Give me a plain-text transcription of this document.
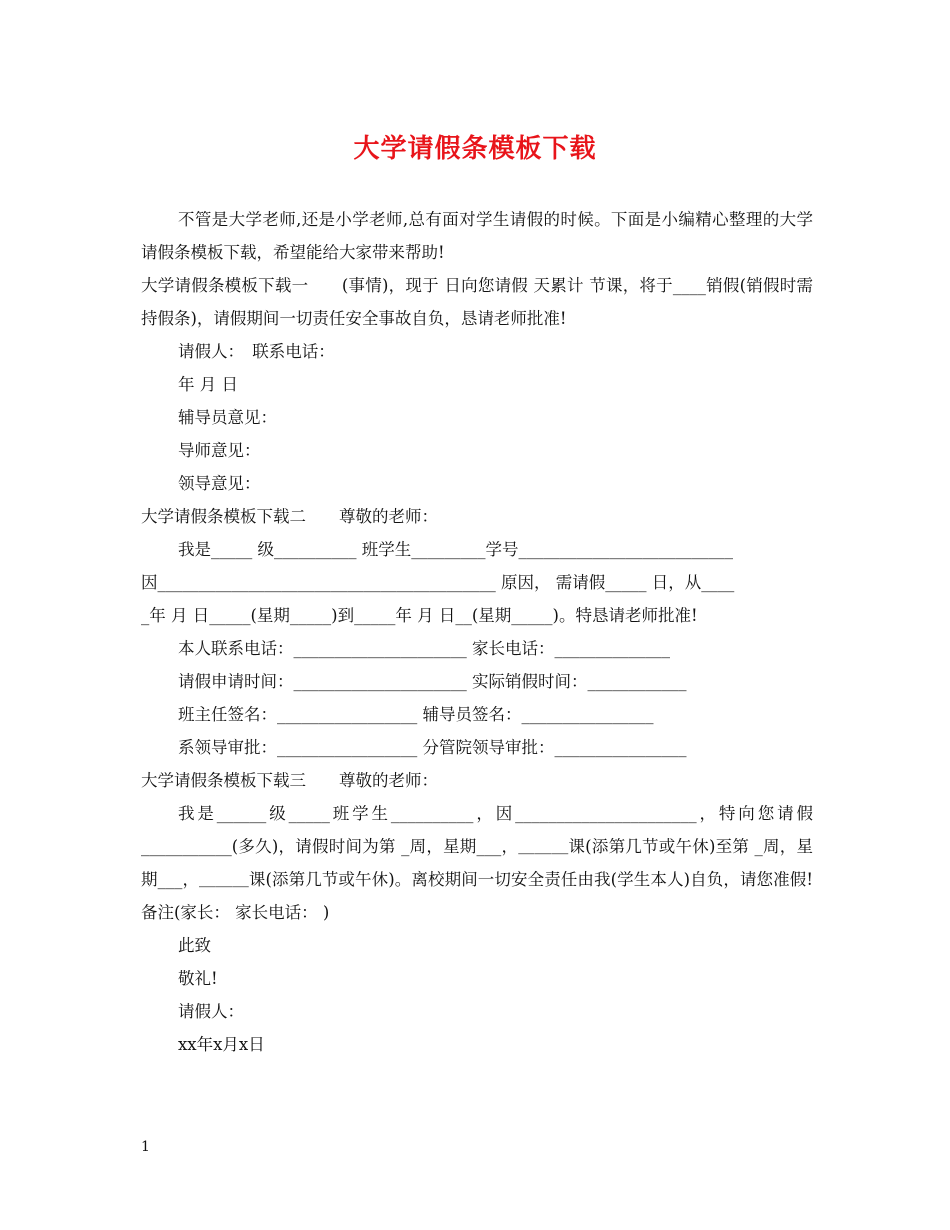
大学请假条模板下载

不管是大学老师,还是小学老师,总有面对学生请假的时候。下面是小编精心整理的大学请假条模板下载，希望能给大家带来帮助!

大学请假条模板下载一　　(事情)，现于 日向您请假 天累计 节课，将于____销假(销假时需持假条)，请假期间一切责任安全事故自负，恳请老师批准!

请假人：　联系电话：

年 月 日

辅导员意见：

导师意见：

领导意见：

大学请假条模板下载二　　尊敬的老师：

我是_____ 级__________ 班学生_________学号__________________________

因_________________________________________ 原因， 需请假_____ 日，从____

_年 月 日_____(星期_____)到_____年 月 日__(星期_____)。特恳请老师批准!

本人联系电话：_____________________ 家长电话：______________

请假申请时间：_____________________ 实际销假时间：____________

班主任签名：_________________ 辅导员签名：________________

系领导审批：_________________ 分管院领导审批：________________

大学请假条模板下载三　　尊敬的老师：

我是______级_____班学生__________，因______________________，特向您请假___________(多久)，请假时间为第 _周，星期___，＿＿＿课(添第几节或午休)至第 _周，星期___，＿＿＿课(添第几节或午休)。离校期间一切安全责任由我(学生本人)自负，请您准假!备注(家长： 家长电话： )

此致

敬礼!

请假人：

xx年x月x日

1
